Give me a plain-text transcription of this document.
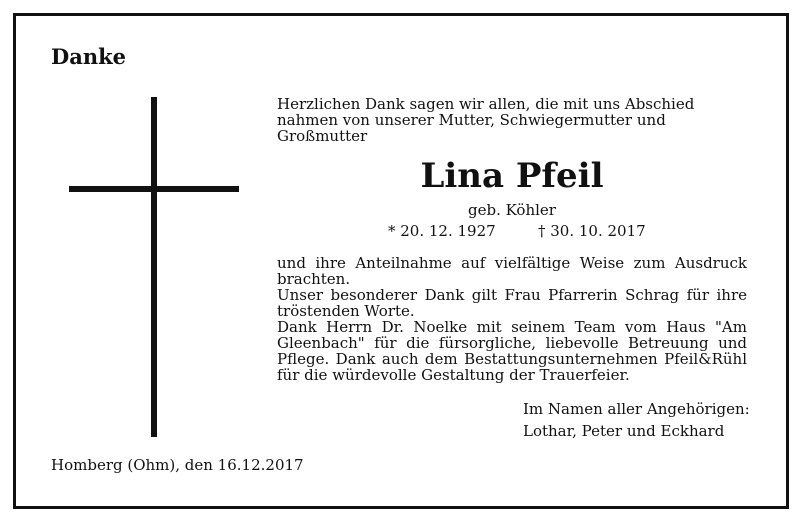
Danke

Herzlichen Dank sagen wir allen, die mit uns Abschied nahmen von unserer Mutter, Schwiegermutter und Großmutter

Lina Pfeil
geb. Köhler
* 20. 12. 1927	† 30. 10. 2017

und ihre Anteilnahme auf vielfältige Weise zum Ausdruck brachten.
Unser besonderer Dank gilt Frau Pfarrerin Schrag für ihre tröstenden Worte.
Dank Herrn Dr. Noelke mit seinem Team vom Haus "Am Gleenbach" für die fürsorgliche, liebevolle Betreuung und Pflege. Dank auch dem Bestattungsunternehmen Pfeil&Rühl für die würdevolle Gestaltung der Trauerfeier.

Im Namen aller Angehörigen:
Lothar, Peter und Eckhard
Homberg (Ohm), den 16.12.2017
